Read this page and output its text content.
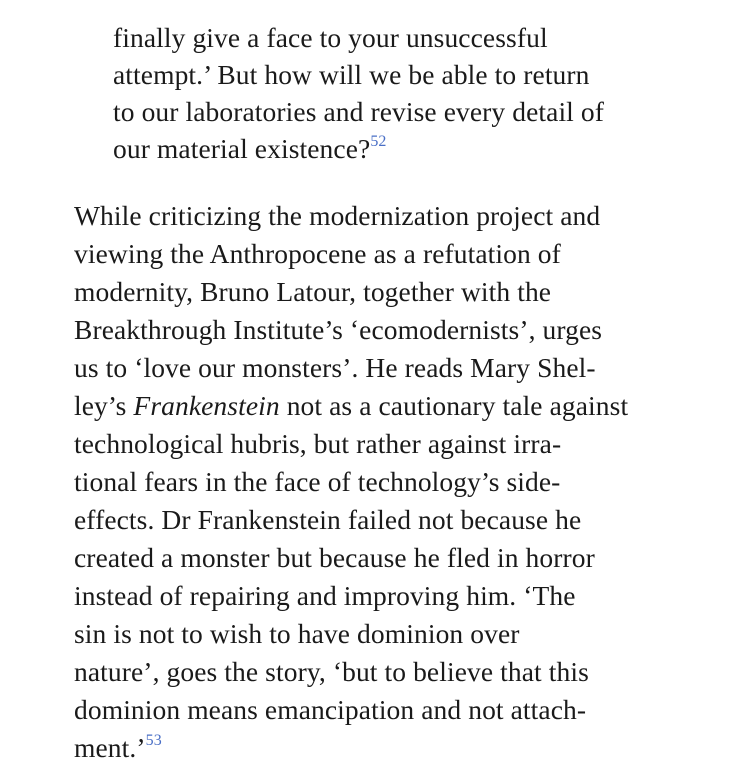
finally give a face to your unsuccessful
attempt.’ But how will we be able to return
to our laboratories and revise every detail of
our material existence?$^{52}$
While criticizing the modernization project and
viewing the Anthropocene as a refutation of
modernity, Bruno Latour, together with the
Breakthrough Institute’s ‘ecomodernists’, urges
us to ‘love our monsters’. He reads Mary Shel-
ley’s Frankenstein not as a cautionary tale against
technological hubris, but rather against irra-
tional fears in the face of technology’s side-
effects. Dr Frankenstein failed not because he
created a monster but because he fled in horror
instead of repairing and improving him. ‘The
sin is not to wish to have dominion over
nature’, goes the story, ‘but to believe that this
dominion means emancipation and not attach-
ment.’$^{53}$
